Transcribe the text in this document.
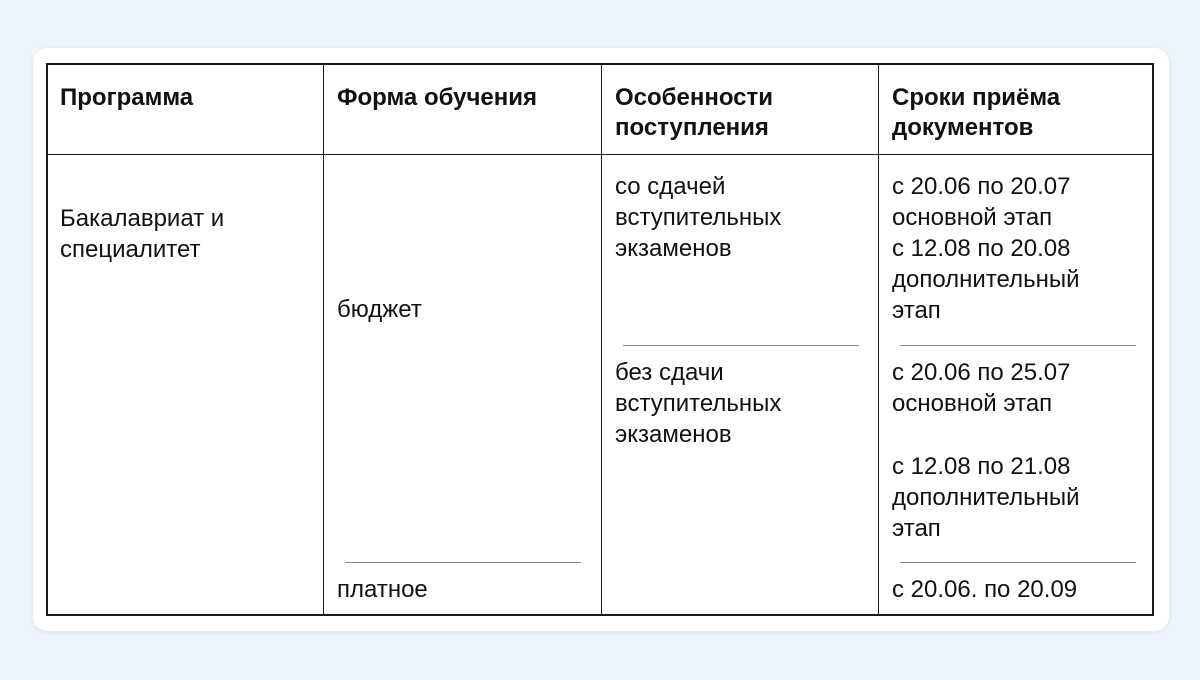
Программа	Форма обучения	Особенности
поступления
Сроки приёма
документов
Бакалавриат и
специалитет
бюджет
платное
со сдачей
вступительных
экзаменов
без сдачи
вступительных
экзаменов
с 20.06 по 20.07
основной этап
с 12.08 по 20.08
дополнительный
этап
с 20.06 по 25.07
основной этап
с 12.08 по 21.08
дополнительный
этап
с 20.06. по 20.09
